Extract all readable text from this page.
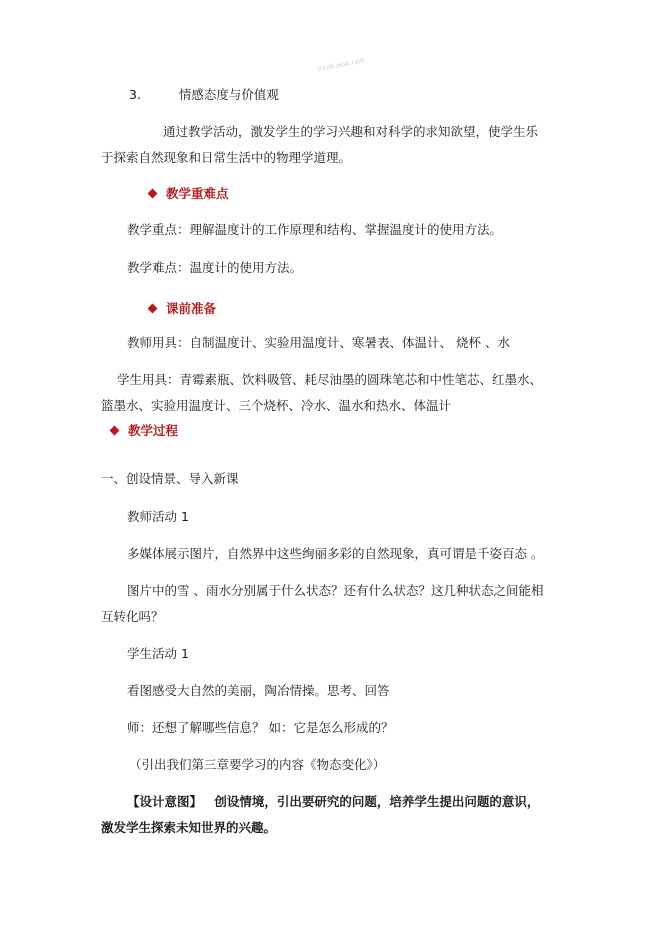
学科网 zxxk.com
3.	情感态度与价值观
通过教学活动，激发学生的学习兴趣和对科学的求知欲望，使学生乐
于探索自然现象和日常生活中的物理学道理。
教学重难点
教学重点：理解温度计的工作原理和结构、掌握温度计的使用方法。
教学难点：温度计的使用方法。
课前准备
教师用具：自制温度计、实验用温度计、寒暑表、体温计、 烧杯 、水
学生用具：青霉素瓶、饮料吸管、耗尽油墨的圆珠笔芯和中性笔芯、红墨水、
篮墨水、实验用温度计、三个烧杯、冷水、温水和热水、体温计
教学过程
一、创设情景、导入新课
教师活动 1
多媒体展示图片，自然界中这些绚丽多彩的自然现象，真可谓是千姿百态 。
图片中的雪 、雨水分别属于什么状态？还有什么状态？这几种状态之间能相
互转化吗？
学生活动 1
看图感受大自然的美丽，陶冶情操。思考、回答
师：还想了解哪些信息？ 如：它是怎么形成的？
（引出我们第三章要学习的内容《物态变化》）
【设计意图】 创设情境，引出要研究的问题，培养学生提出问题的意识，
激发学生探索未知世界的兴趣。
